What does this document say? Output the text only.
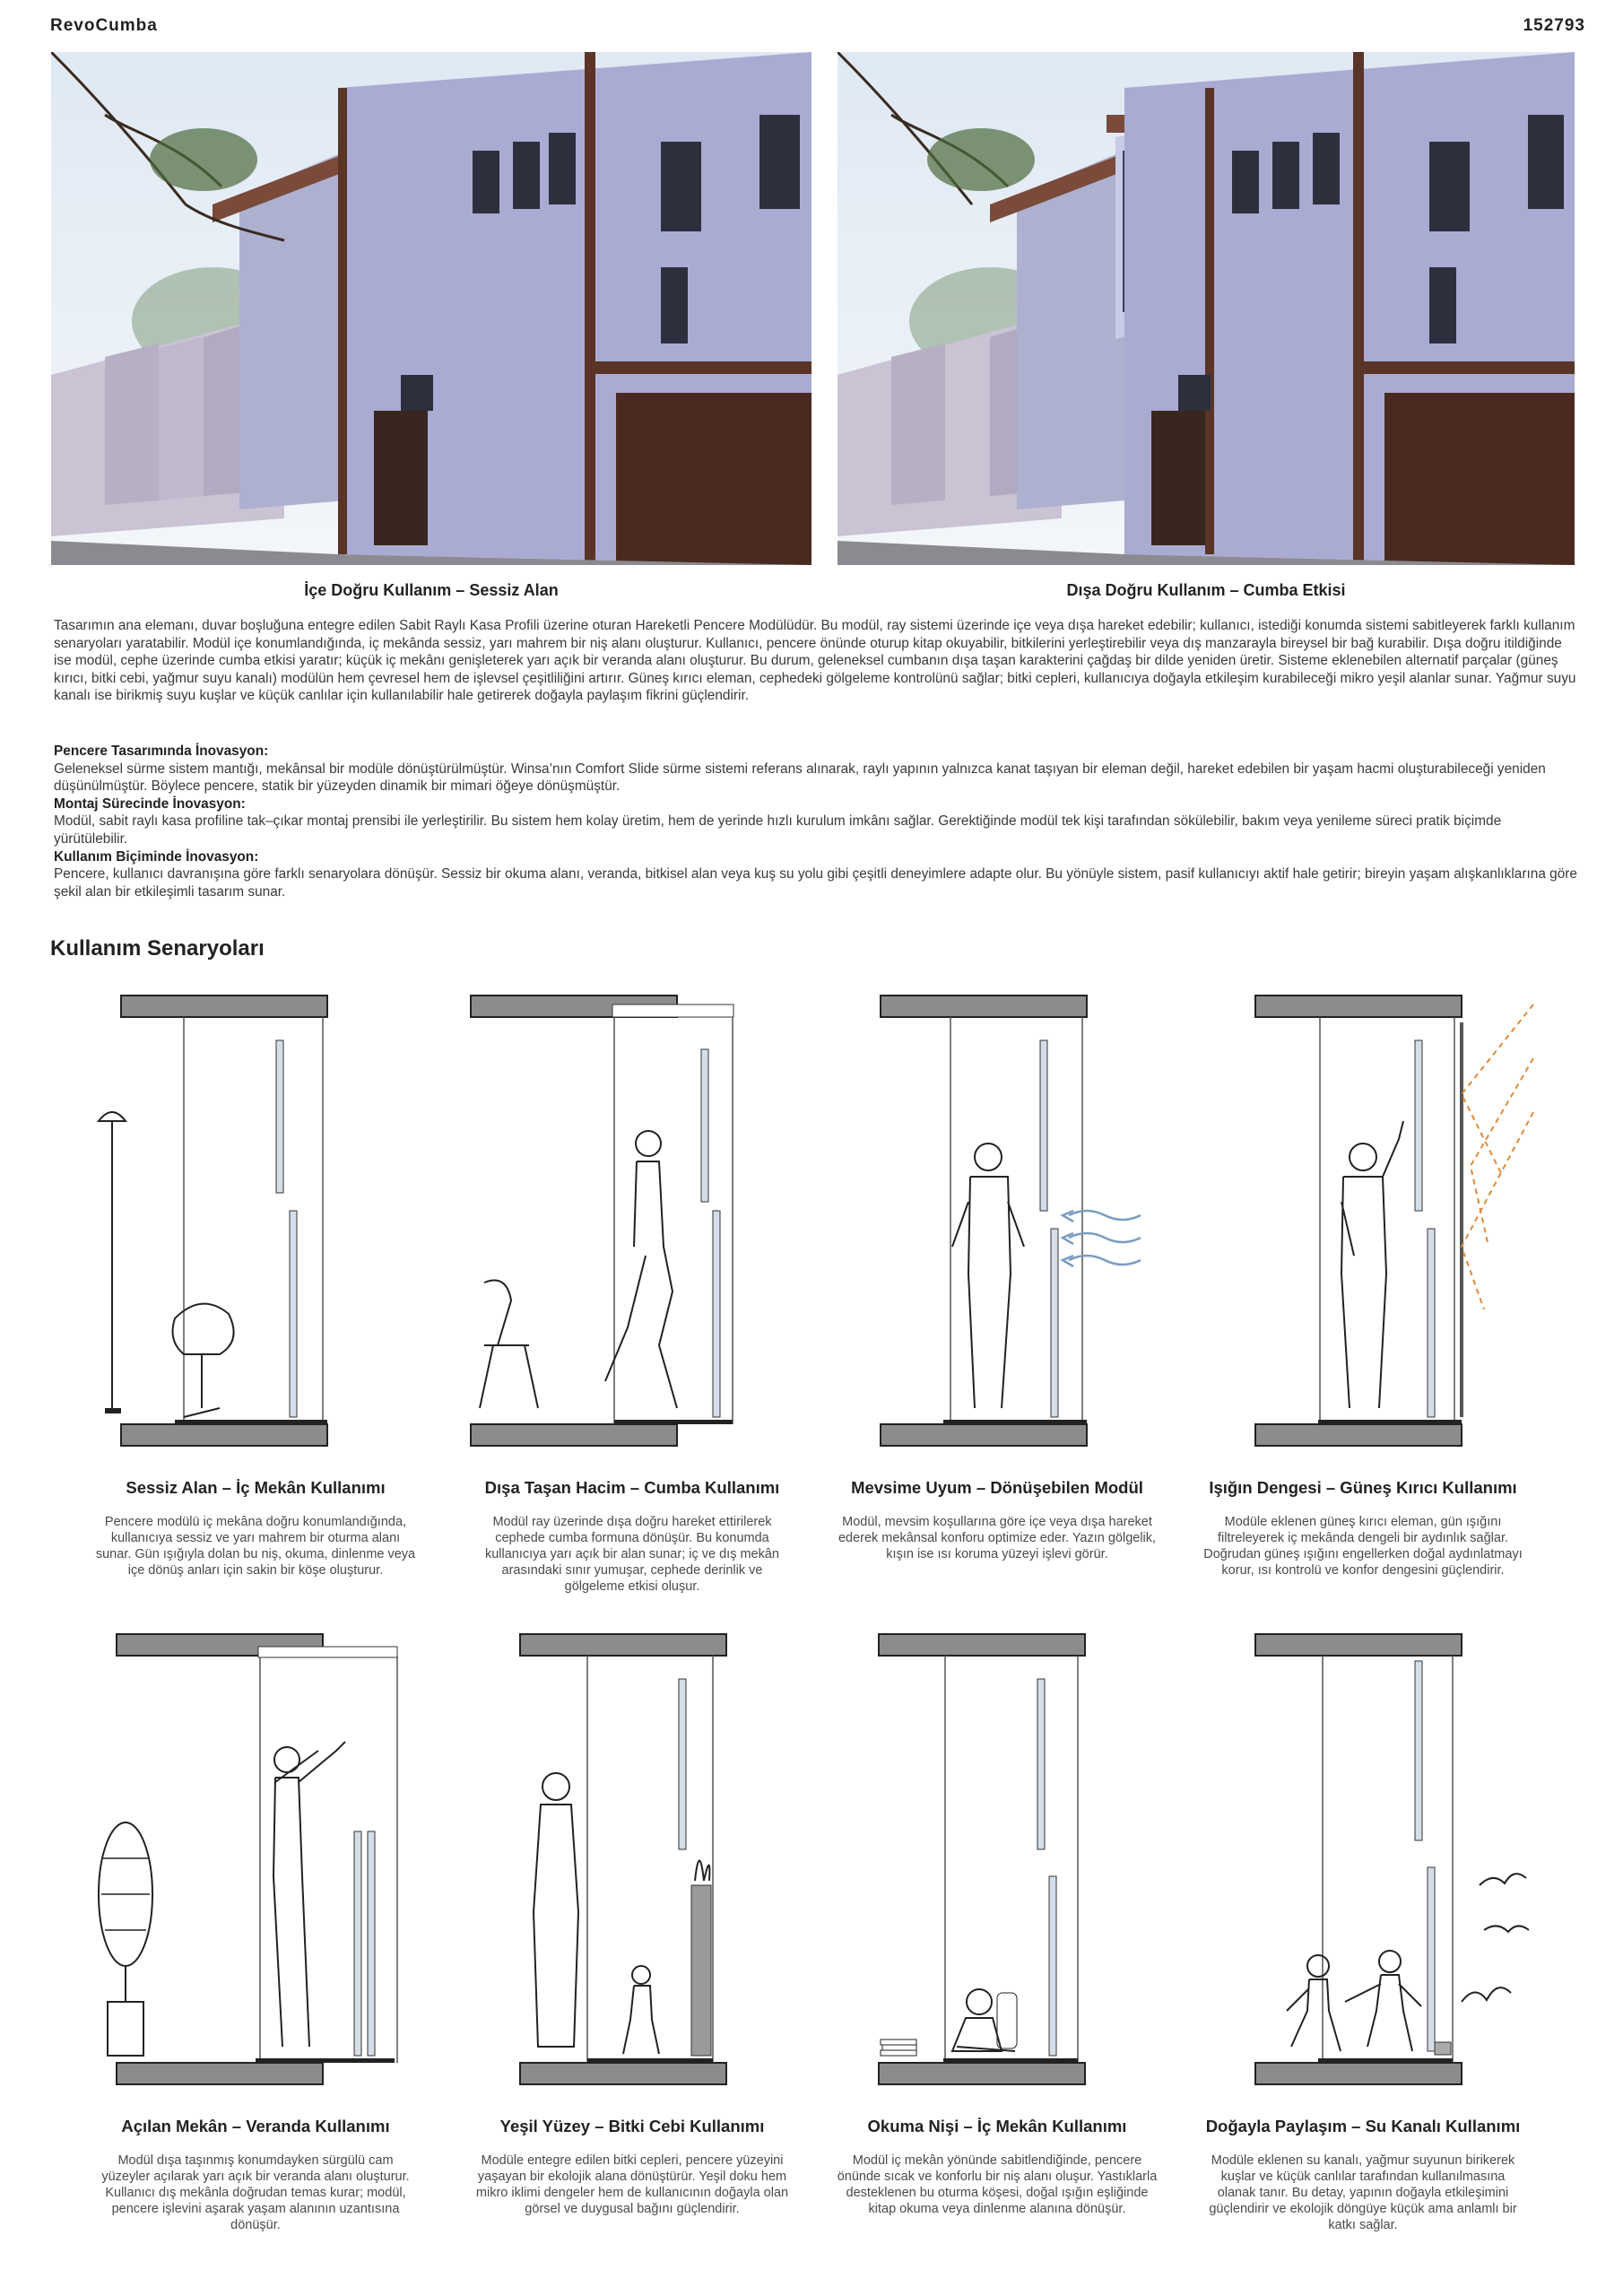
RevoCumba	152793
İçe Doğru Kullanım – Sessiz Alan	Dışa Doğru Kullanım – Cumba Etkisi
Tasarımın ana elemanı, duvar boşluğuna entegre edilen Sabit Raylı Kasa Profili üzerine oturan Hareketli Pencere Modülüdür. Bu modül, ray sistemi üzerinde içe veya dışa hareket edebilir; kullanıcı, istediği konumda sistemi sabitleyerek farklı kullanım senaryoları yaratabilir. Modül içe konumlandığında, iç mekânda sessiz, yarı mahrem bir niş alanı oluşturur. Kullanıcı, pencere önünde oturup kitap okuyabilir, bitkilerini yerleştirebilir veya dış manzarayla bireysel bir bağ kurabilir. Dışa doğru itildiğinde ise modül, cephe üzerinde cumba etkisi yaratır; küçük iç mekânı genişleterek yarı açık bir veranda alanı oluşturur. Bu durum, geleneksel cumbanın dışa taşan karakterini çağdaş bir dilde yeniden üretir. Sisteme eklenebilen alternatif parçalar (güneş kırıcı, bitki cebi, yağmur suyu kanalı) modülün hem çevresel hem de işlevsel çeşitliliğini artırır. Güneş kırıcı eleman, cephedeki gölgeleme kontrolünü sağlar; bitki cepleri, kullanıcıya doğayla etkileşim kurabileceği mikro yeşil alanlar sunar. Yağmur suyu kanalı ise birikmiş suyu kuşlar ve küçük canlılar için kullanılabilir hale getirerek doğayla paylaşım fikrini güçlendirir.

Pencere Tasarımında İnovasyon:

Geleneksel sürme sistem mantığı, mekânsal bir modüle dönüştürülmüştür. Winsa’nın Comfort Slide sürme sistemi referans alınarak, raylı yapının yalnızca kanat taşıyan bir eleman değil, hareket edebilen bir yaşam hacmi oluşturabileceği yeniden düşünülmüştür. Böylece pencere, statik bir yüzeyden dinamik bir mimari öğeye dönüşmüştür.

Montaj Sürecinde İnovasyon:

Modül, sabit raylı kasa profiline tak–çıkar montaj prensibi ile yerleştirilir. Bu sistem hem kolay üretim, hem de yerinde hızlı kurulum imkânı sağlar. Gerektiğinde modül tek kişi tarafından sökülebilir, bakım veya yenileme süreci pratik biçimde yürütülebilir.

Kullanım Biçiminde İnovasyon:

Pencere, kullanıcı davranışına göre farklı senaryolara dönüşür. Sessiz bir okuma alanı, veranda, bitkisel alan veya kuş su yolu gibi çeşitli deneyimlere adapte olur. Bu yönüyle sistem, pasif kullanıcıyı aktif hale getirir; bireyin yaşam alışkanlıklarına göre şekil alan bir etkileşimli tasarım sunar.

Kullanım Senaryoları
Sessiz Alan – İç Mekân Kullanımı
Pencere modülü iç mekâna doğru konumlandığında, kullanıcıya sessiz ve yarı mahrem bir oturma alanı sunar. Gün ışığıyla dolan bu niş, okuma, dinlenme veya içe dönüş anları için sakin bir köşe oluşturur.
Dışa Taşan Hacim – Cumba Kullanımı
Modül ray üzerinde dışa doğru hareket ettirilerek cephede cumba formuna dönüşür. Bu konumda kullanıcıya yarı açık bir alan sunar; iç ve dış mekân arasındaki sınır yumuşar, cephede derinlik ve gölgeleme etkisi oluşur.
Mevsime Uyum – Dönüşebilen Modül
Modül, mevsim koşullarına göre içe veya dışa hareket ederek mekânsal konforu optimize eder. Yazın gölgelik, kışın ise ısı koruma yüzeyi işlevi görür.
Işığın Dengesi – Güneş Kırıcı Kullanımı
Modüle eklenen güneş kırıcı eleman, gün ışığını filtreleyerek iç mekânda dengeli bir aydınlık sağlar. Doğrudan güneş ışığını engellerken doğal aydınlatmayı korur, ısı kontrolü ve konfor dengesini güçlendirir.
Açılan Mekân – Veranda Kullanımı
Modül dışa taşınmış konumdayken sürgülü cam yüzeyler açılarak yarı açık bir veranda alanı oluşturur. Kullanıcı dış mekânla doğrudan temas kurar; modül, pencere işlevini aşarak yaşam alanının uzantısına dönüşür.
Yeşil Yüzey – Bitki Cebi Kullanımı
Modüle entegre edilen bitki cepleri, pencere yüzeyini yaşayan bir ekolojik alana dönüştürür. Yeşil doku hem mikro iklimi dengeler hem de kullanıcının doğayla olan görsel ve duygusal bağını güçlendirir.
Okuma Nişi – İç Mekân Kullanımı
Modül iç mekân yönünde sabitlendiğinde, pencere önünde sıcak ve konforlu bir niş alanı oluşur. Yastıklarla desteklenen bu oturma köşesi, doğal ışığın eşliğinde kitap okuma veya dinlenme alanına dönüşür.
Doğayla Paylaşım – Su Kanalı Kullanımı
Modüle eklenen su kanalı, yağmur suyunun birikerek kuşlar ve küçük canlılar tarafından kullanılmasına olanak tanır. Bu detay, yapının doğayla etkileşimini güçlendirir ve ekolojik döngüye küçük ama anlamlı bir katkı sağlar.
